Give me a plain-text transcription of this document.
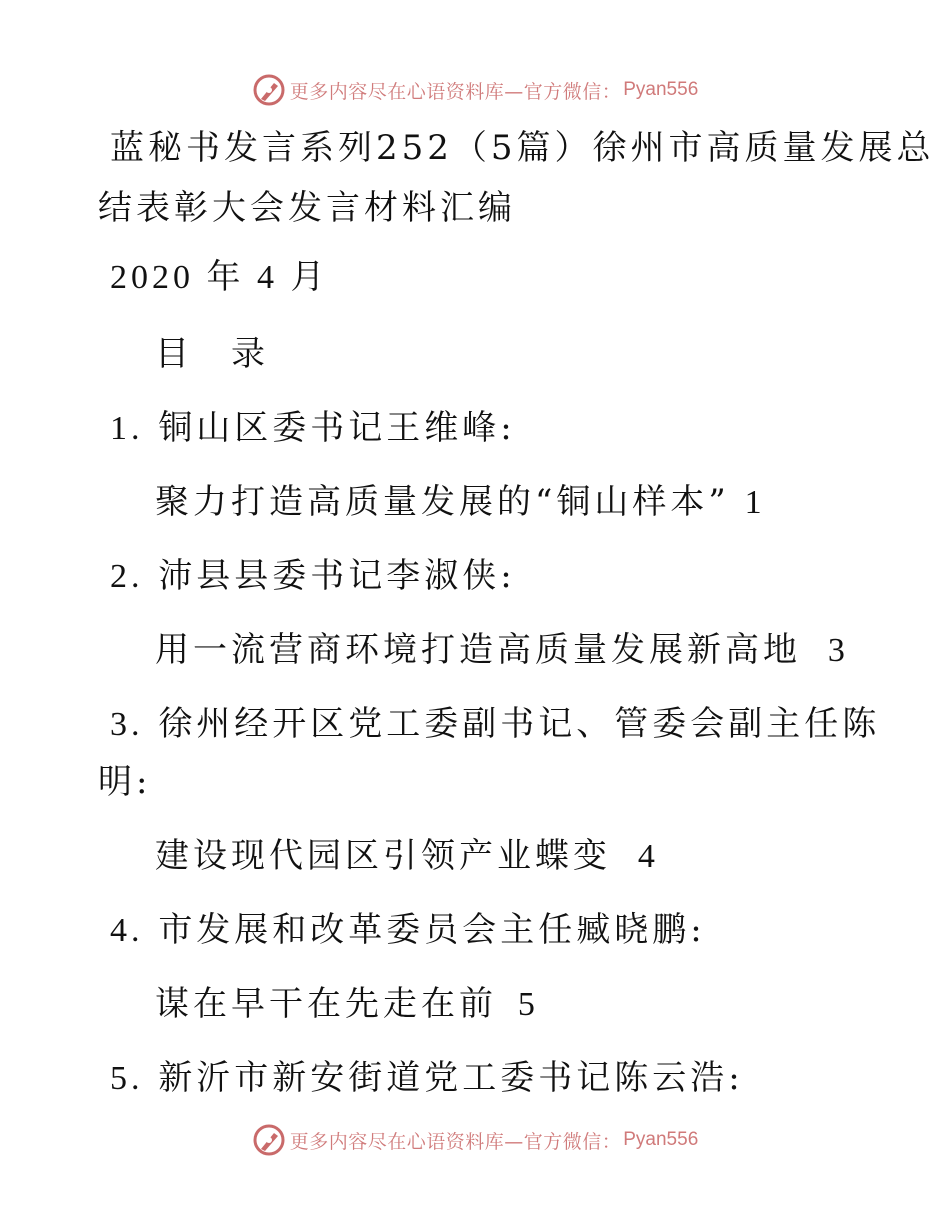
更多内容尽在心语资料库—官方微信： Pyan556
蓝秘书发言系列252（5篇）徐州市高质量发展总
结表彰大会发言材料汇编
2020 年 4 月
目　录
1. 铜山区委书记王维峰:
聚力打造高质量发展的“铜山样本” 1
2. 沛县县委书记李淑侠:
用一流营商环境打造高质量发展新高地 3
3. 徐州经开区党工委副书记、管委会副主任陈
明:
建设现代园区引领产业蝶变 4
4. 市发展和改革委员会主任臧晓鹏:
谋在早干在先走在前 5
5. 新沂市新安街道党工委书记陈云浩:
更多内容尽在心语资料库—官方微信： Pyan556
